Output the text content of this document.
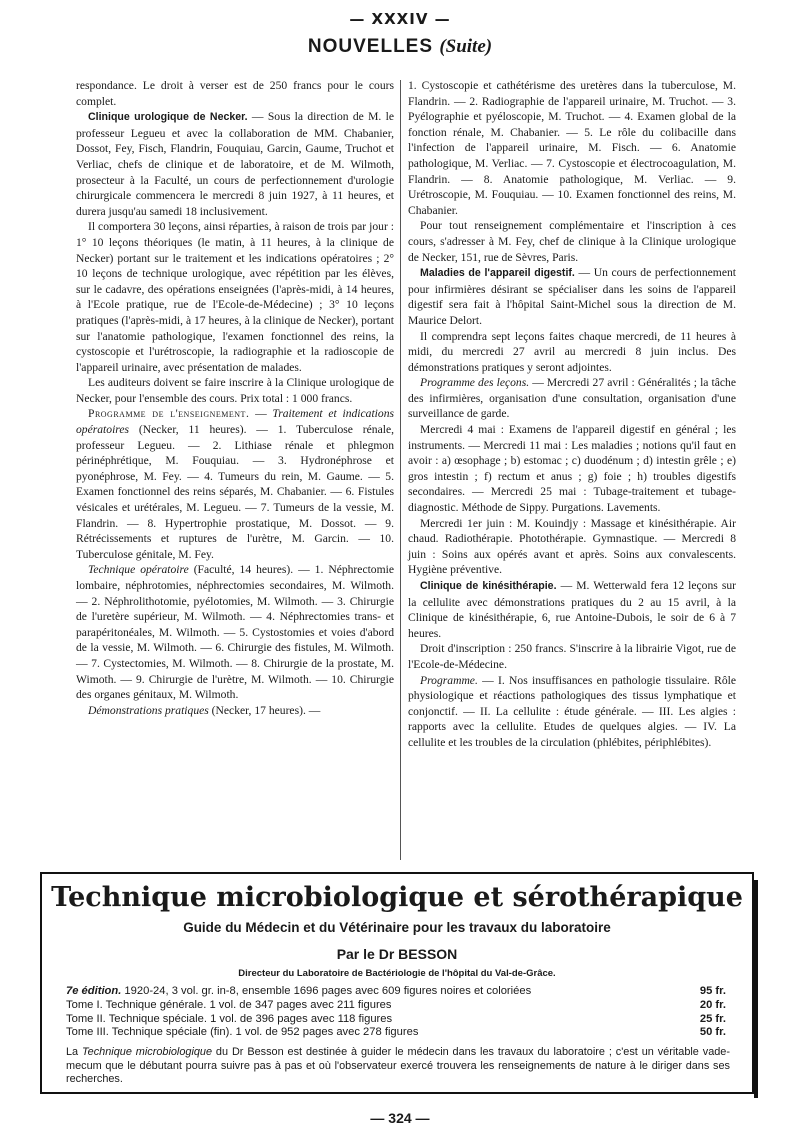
— XXXIV —
NOUVELLES (Suite)

respondance. Le droit à verser est de 250 francs pour le cours complet.

Clinique urologique de Necker. — Sous la direction de M. le professeur Legueu et avec la collaboration de MM. Chabanier, Dossot, Fey, Fisch, Flandrin, Fouquiau, Garcin, Gaume, Truchot et Verliac, chefs de clinique et de laboratoire, et de M. Wilmoth, prosecteur à la Faculté, un cours de perfectionnement d'urologie chirurgicale commencera le mercredi 8 juin 1927, à 11 heures, et durera jusqu'au samedi 18 inclusivement.

Il comportera 30 leçons, ainsi réparties, à raison de trois par jour : 1° 10 leçons théoriques (le matin, à 11 heures, à la clinique de Necker) portant sur le traitement et les indications opératoires ; 2° 10 leçons de technique urologique, avec répétition par les élèves, sur le cadavre, des opérations enseignées (l'après-midi, à 14 heures, à l'Ecole pratique, rue de l'Ecole-de-Médecine) ; 3° 10 leçons pratiques (l'après-midi, à 17 heures, à la clinique de Necker), portant sur l'anatomie pathologique, l'examen fonctionnel des reins, la cystoscopie et l'urétroscopie, la radiographie et la radioscopie de l'appareil urinaire, avec présentation de malades.

Les auditeurs doivent se faire inscrire à la Clinique urologique de Necker, pour l'ensemble des cours. Prix total : 1 000 francs.

Programme de l'enseignement. — Traitement et indications opératoires (Necker, 11 heures). — 1. Tuberculose rénale, professeur Legueu. — 2. Lithiase rénale et phlegmon périnéphrétique, M. Fouquiau. — 3. Hydronéphrose et pyonéphrose, M. Fey. — 4. Tumeurs du rein, M. Gaume. — 5. Examen fonctionnel des reins séparés, M. Chabanier. — 6. Fistules vésicales et urétérales, M. Legueu. — 7. Tumeurs de la vessie, M. Flandrin. — 8. Hypertrophie prostatique, M. Dossot. — 9. Rétrécissements et ruptures de l'urètre, M. Garcin. — 10. Tuberculose génitale, M. Fey.

Technique opératoire (Faculté, 14 heures). — 1. Néphrectomie lombaire, néphrotomies, néphrectomies secondaires, M. Wilmoth. — 2. Néphrolithotomie, pyélotomies, M. Wilmoth. — 3. Chirurgie de l'uretère supérieur, M. Wilmoth. — 4. Néphrectomies trans- et parapéritonéales, M. Wilmoth. — 5. Cystostomies et voies d'abord de la vessie, M. Wilmoth. — 6. Chirurgie des fistules, M. Wilmoth. — 7. Cystectomies, M. Wilmoth. — 8. Chirurgie de la prostate, M. Wimoth. — 9. Chirurgie de l'urètre, M. Wilmoth. — 10. Chirurgie des organes génitaux, M. Wilmoth.

Démonstrations pratiques (Necker, 17 heures). —

1. Cystoscopie et cathétérisme des uretères dans la tuberculose, M. Flandrin. — 2. Radiographie de l'appareil urinaire, M. Truchot. — 3. Pyélographie et pyéloscopie, M. Truchot. — 4. Examen global de la fonction rénale, M. Chabanier. — 5. Le rôle du colibacille dans l'infection de l'appareil urinaire, M. Fisch. — 6. Anatomie pathologique, M. Verliac. — 7. Cystoscopie et électrocoagulation, M. Flandrin. — 8. Anatomie pathologique, M. Verliac. — 9. Urétroscopie, M. Fouquiau. — 10. Examen fonctionnel des reins, M. Chabanier.

Pour tout renseignement complémentaire et l'inscription à ces cours, s'adresser à M. Fey, chef de clinique à la Clinique urologique de Necker, 151, rue de Sèvres, Paris.

Maladies de l'appareil digestif. — Un cours de perfectionnement pour infirmières désirant se spécialiser dans les soins de l'appareil digestif sera fait à l'hôpital Saint-Michel sous la direction de M. Maurice Delort.

Il comprendra sept leçons faites chaque mercredi, de 11 heures à midi, du mercredi 27 avril au mercredi 8 juin inclus. Des démonstrations pratiques y seront adjointes.

Programme des leçons. — Mercredi 27 avril : Généralités ; la tâche des infirmières, organisation d'une consultation, organisation d'une surveillance de garde.

Mercredi 4 mai : Examens de l'appareil digestif en général ; les instruments. — Mercredi 11 mai : Les maladies ; notions qu'il faut en avoir : a) œsophage ; b) estomac ; c) duodénum ; d) intestin grêle ; e) gros intestin ; f) rectum et anus ; g) foie ; h) troubles digestifs secondaires. — Mercredi 25 mai : Tubage-traitement et tubage-diagnostic. Méthode de Sippy. Purgations. Lavements.

Mercredi 1er juin : M. Kouindjy : Massage et kinésithérapie. Air chaud. Radiothérapie. Photothérapie. Gymnastique. — Mercredi 8 juin : Soins aux opérés avant et après. Soins aux convalescents. Hygiène préventive.

Clinique de kinésithérapie. — M. Wetterwald fera 12 leçons sur la cellulite avec démonstrations pratiques du 2 au 15 avril, à la Clinique de kinésithérapie, 6, rue Antoine-Dubois, le soir de 6 à 7 heures.

Droit d'inscription : 250 francs. S'inscrire à la librairie Vigot, rue de l'Ecole-de-Médecine.

Programme. — I. Nos insuffisances en pathologie tissulaire. Rôle physiologique et réactions pathologiques des tissus lymphatique et conjonctif. — II. La cellulite : étude générale. — III. Les algies : rapports avec la cellulite. Etudes de quelques algies. — IV. La cellulite et les troubles de la circulation (phlébites, périphlébites).

Technique microbiologique et sérothérapique
Guide du Médecin et du Vétérinaire pour les travaux du laboratoire
Par le Dr BESSON
Directeur du Laboratoire de Bactériologie de l'hôpital du Val-de-Grâce.
7e édition. 1920-24, 3 vol. gr. in-8, ensemble 1696 pages avec 609 figures noires et coloriées	95 fr.
Tome I. Technique générale. 1 vol. de 347 pages avec 211 figures	20 fr.
Tome II. Technique spéciale. 1 vol. de 396 pages avec 118 figures	25 fr.
Tome III. Technique spéciale (fin). 1 vol. de 952 pages avec 278 figures	50 fr.
La Technique microbiologique du Dr Besson est destinée à guider le médecin dans les travaux du laboratoire ; c'est un véritable vade-mecum que le débutant pourra suivre pas à pas et où l'observateur exercé trouvera les renseignements de nature à le diriger dans ses recherches.
— 324 —
